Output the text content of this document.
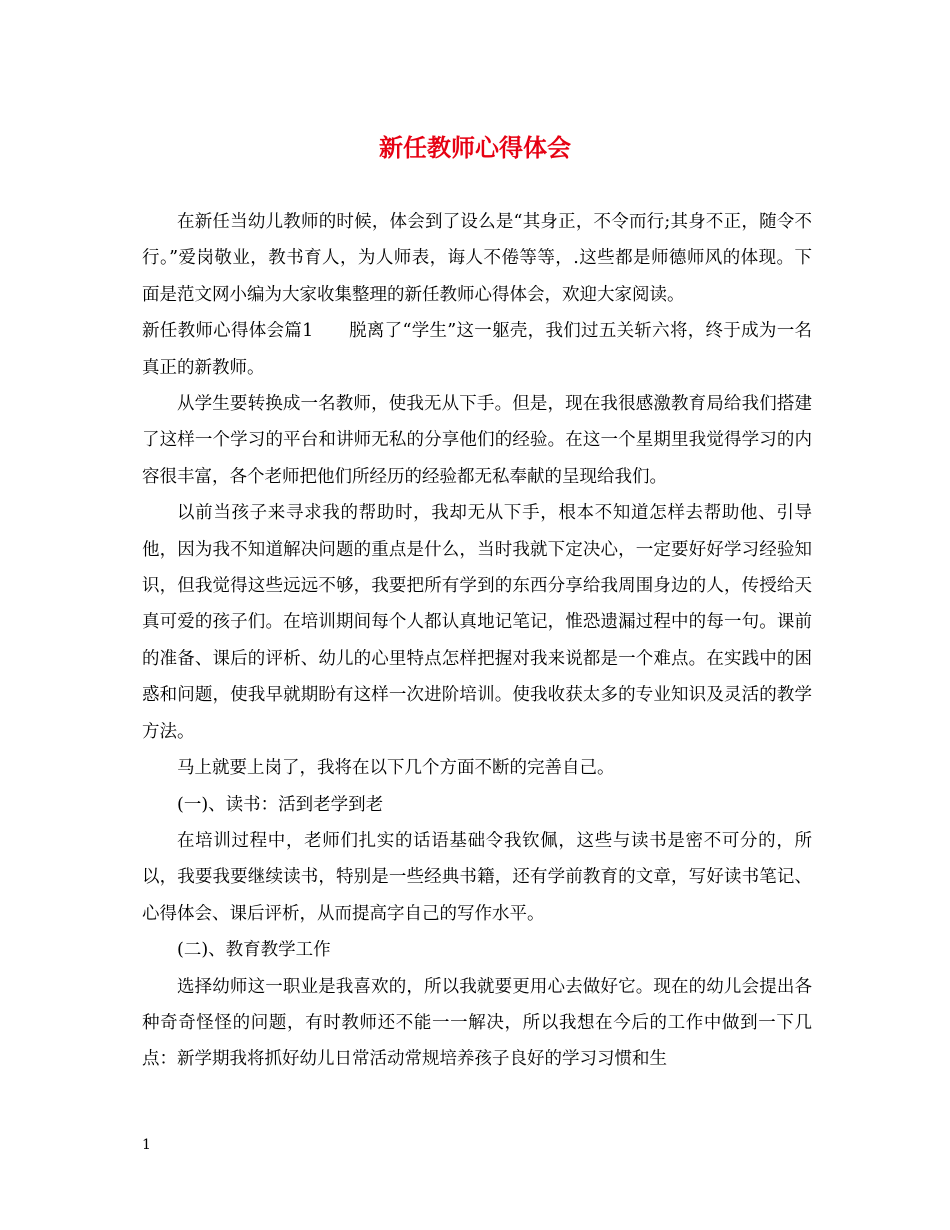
新任教师心得体会

在新任当幼儿教师的时候，体会到了设么是“其身正，不令而行;其身不正，随令不行。”爱岗敬业，教书育人，为人师表，诲人不倦等等，.这些都是师德师风的体现。下面是范文网小编为大家收集整理的新任教师心得体会，欢迎大家阅读。

新任教师心得体会篇1　　脱离了“学生”这一躯壳，我们过五关斩六将，终于成为一名真正的新教师。

从学生要转换成一名教师，使我无从下手。但是，现在我很感激教育局给我们搭建了这样一个学习的平台和讲师无私的分享他们的经验。在这一个星期里我觉得学习的内容很丰富，各个老师把他们所经历的经验都无私奉献的呈现给我们。

以前当孩子来寻求我的帮助时，我却无从下手，根本不知道怎样去帮助他、引导他，因为我不知道解决问题的重点是什么，当时我就下定决心，一定要好好学习经验知识，但我觉得这些远远不够，我要把所有学到的东西分享给我周围身边的人，传授给天真可爱的孩子们。在培训期间每个人都认真地记笔记，惟恐遗漏过程中的每一句。课前的准备、课后的评析、幼儿的心里特点怎样把握对我来说都是一个难点。在实践中的困惑和问题，使我早就期盼有这样一次进阶培训。使我收获太多的专业知识及灵活的教学方法。

马上就要上岗了，我将在以下几个方面不断的完善自己。

(一)、读书：活到老学到老

在培训过程中，老师们扎实的话语基础令我钦佩，这些与读书是密不可分的，所以，我要我要继续读书，特别是一些经典书籍，还有学前教育的文章，写好读书笔记、心得体会、课后评析，从而提高字自己的写作水平。

(二)、教育教学工作

选择幼师这一职业是我喜欢的，所以我就要更用心去做好它。现在的幼儿会提出各种奇奇怪怪的问题，有时教师还不能一一解决，所以我想在今后的工作中做到一下几点：新学期我将抓好幼儿日常活动常规培养孩子良好的学习习惯和生

1
